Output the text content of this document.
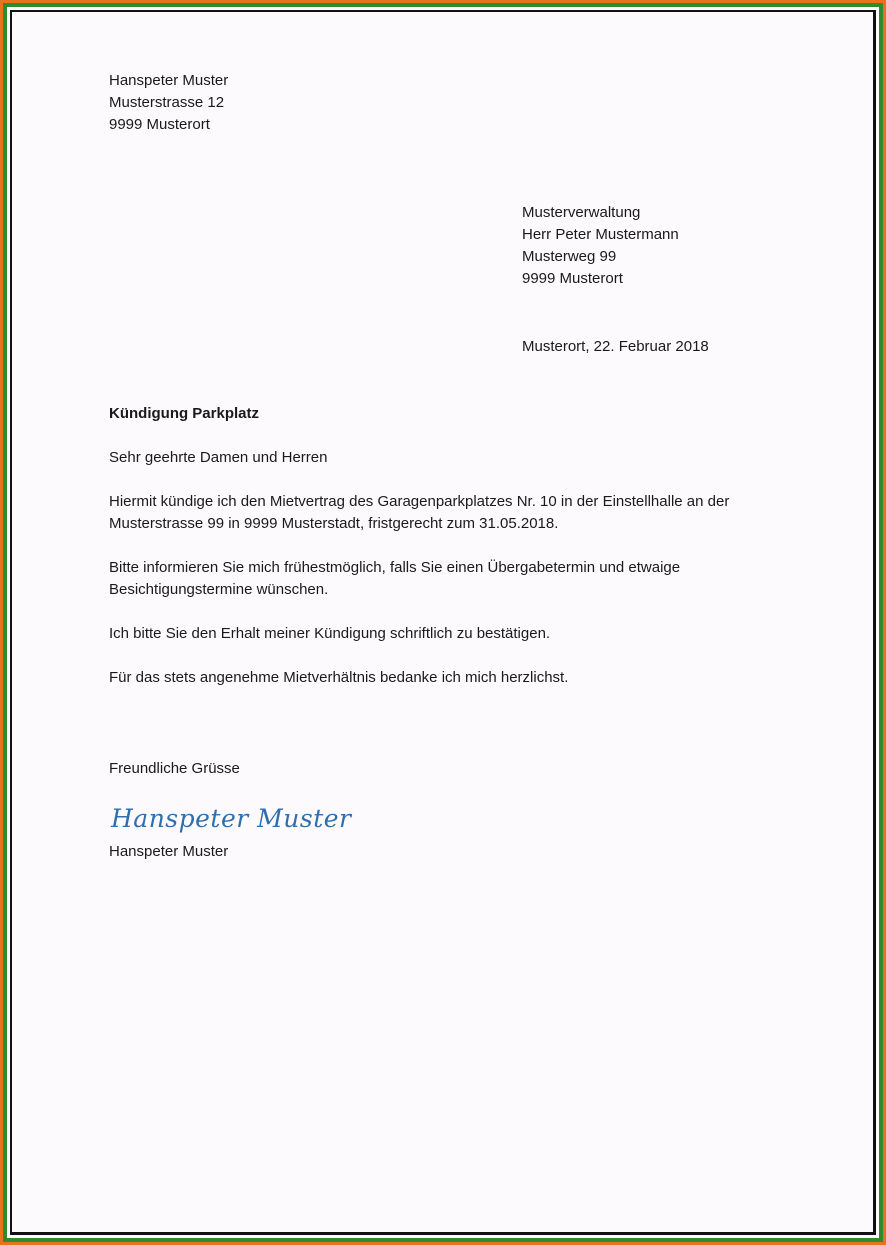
Hanspeter Muster
Musterstrasse 12
9999 Musterort
Musterverwaltung
Herr Peter Mustermann
Musterweg 99
9999 Musterort
Musterort, 22. Februar 2018
Kündigung Parkplatz
Sehr geehrte Damen und Herren
Hiermit kündige ich den Mietvertrag des Garagenparkplatzes Nr. 10 in der Einstellhalle an der
Musterstrasse 99 in 9999 Musterstadt, fristgerecht zum 31.05.2018.
Bitte informieren Sie mich frühestmöglich, falls Sie einen Übergabetermin und etwaige
Besichtigungstermine wünschen.
Ich bitte Sie den Erhalt meiner Kündigung schriftlich zu bestätigen.
Für das stets angenehme Mietverhältnis bedanke ich mich herzlichst.
Freundliche Grüsse
Hanspeter Muster
Hanspeter Muster
